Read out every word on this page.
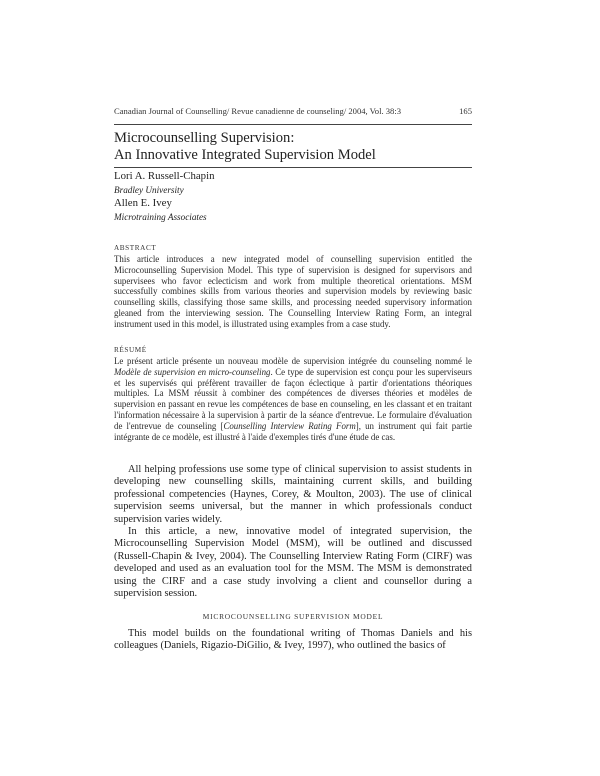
Canadian Journal of Counselling/ Revue canadienne de counseling/ 2004, Vol. 38:3	165
Microcounselling Supervision:
An Innovative Integrated Supervision Model
Lori A. Russell-Chapin
Bradley University
Allen E. Ivey
Microtraining Associates
ABSTRACT

This article introduces a new integrated model of counselling supervision entitled the Microcounselling Supervision Model. This type of supervision is designed for supervisors and supervisees who favor eclecticism and work from multiple theoretical orientations. MSM successfully combines skills from various theories and supervision models by reviewing basic counselling skills, classifying those same skills, and processing needed supervisory information gleaned from the interviewing session. The Counselling Interview Rating Form, an integral instrument used in this model, is illustrated using examples from a case study.

RÉSUMÉ

Le présent article présente un nouveau modèle de supervision intégrée du counseling nommé le Modèle de supervision en micro-counseling. Ce type de supervision est conçu pour les superviseurs et les supervisés qui préfèrent travailler de façon éclectique à partir d'orientations théoriques multiples. La MSM réussit à combiner des compétences de diverses théories et modèles de supervision en passant en revue les compétences de base en counseling, en les classant et en traitant l'information nécessaire à la supervision à partir de la séance d'entrevue. Le formulaire d'évaluation de l'entrevue de counseling [Counselling Interview Rating Form], un instrument qui fait partie intégrante de ce modèle, est illustré à l'aide d'exemples tirés d'une étude de cas.

All helping professions use some type of clinical supervision to assist students in developing new counselling skills, maintaining current skills, and building professional competencies (Haynes, Corey, & Moulton, 2003). The use of clinical supervision seems universal, but the manner in which professionals conduct supervision varies widely.

In this article, a new, innovative model of integrated supervision, the Microcounselling Supervision Model (MSM), will be outlined and discussed (Russell-Chapin & Ivey, 2004). The Counselling Interview Rating Form (CIRF) was developed and used as an evaluation tool for the MSM. The MSM is demonstrated using the CIRF and a case study involving a client and counsellor during a supervision session.

MICROCOUNSELLING SUPERVISION MODEL

This model builds on the foundational writing of Thomas Daniels and his colleagues (Daniels, Rigazio-DiGilio, & Ivey, 1997), who outlined the basics of
